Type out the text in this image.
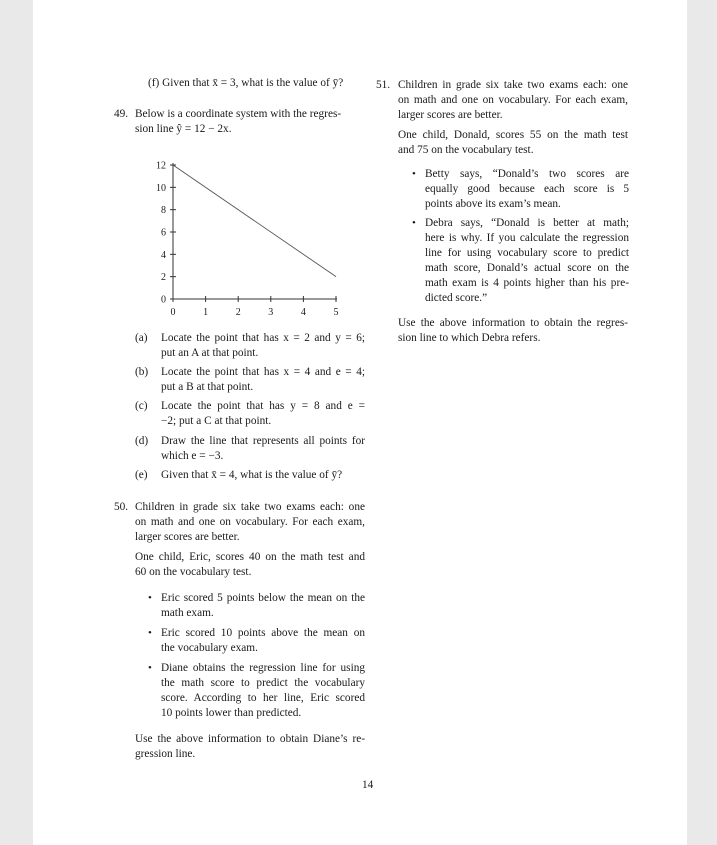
(f) Given that x̄ = 3, what is the value of ȳ?
49. Below is a coordinate system with the regres-
sion line ŷ = 12 − 2x.
0
2
4
6
8
10
12
0	1	2	3	4	5
(a) Locate the point that has x = 2 and y = 6;
put an A at that point.
(b) Locate the point that has x = 4 and e = 4;
put a B at that point.
(c) Locate the point that has y = 8 and e =
−2; put a C at that point.
(d) Draw the line that represents all points for
which e = −3.
(e) Given that x̄ = 4, what is the value of ȳ?
50. Children in grade six take two exams each: one
on math and one on vocabulary. For each exam,
larger scores are better.
One child, Eric, scores 40 on the math test and
60 on the vocabulary test.
• Eric scored 5 points below the mean on the
math exam.
• Eric scored 10 points above the mean on
the vocabulary exam.
• Diane obtains the regression line for using
the math score to predict the vocabulary
score. According to her line, Eric scored
10 points lower than predicted.
Use the above information to obtain Diane’s re-
gression line.
51. Children in grade six take two exams each: one
on math and one on vocabulary. For each exam,
larger scores are better.
One child, Donald, scores 55 on the math test
and 75 on the vocabulary test.
• Betty says, “Donald’s two scores are
equally good because each score is 5
points above its exam’s mean.
• Debra says, “Donald is better at math;
here is why. If you calculate the regression
line for using vocabulary score to predict
math score, Donald’s actual score on the
math exam is 4 points higher than his pre-
dicted score.”
Use the above information to obtain the regres-
sion line to which Debra refers.
14
